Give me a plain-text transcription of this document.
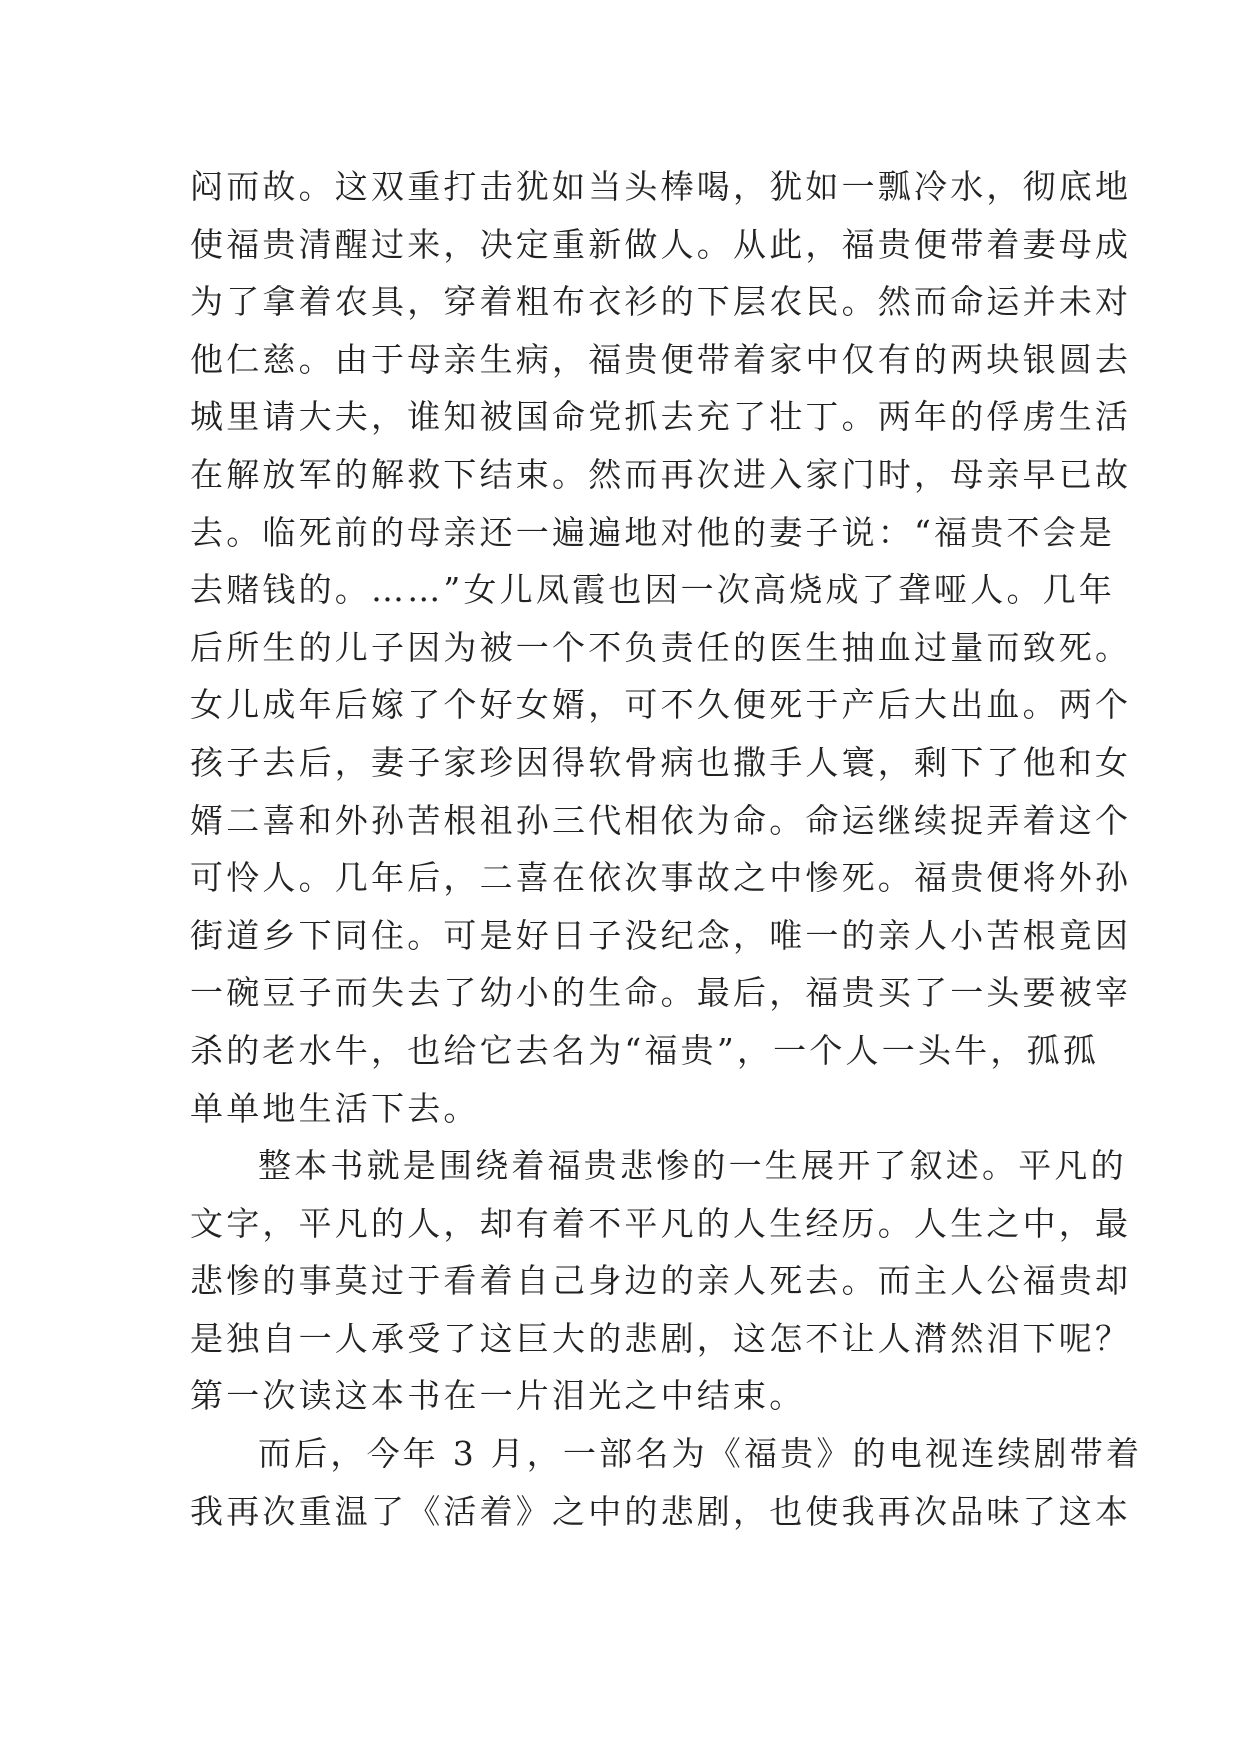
闷而故。这双重打击犹如当头棒喝，犹如一瓢冷水，彻底地
使福贵清醒过来，决定重新做人。从此，福贵便带着妻母成
为了拿着农具，穿着粗布衣衫的下层农民。然而命运并未对
他仁慈。由于母亲生病，福贵便带着家中仅有的两块银圆去
城里请大夫，谁知被国命党抓去充了壮丁。两年的俘虏生活
在解放军的解救下结束。然而再次进入家门时，母亲早已故
去。临死前的母亲还一遍遍地对他的妻子说：“福贵不会是
去赌钱的。……”女儿凤霞也因一次高烧成了聋哑人。几年
后所生的儿子因为被一个不负责任的医生抽血过量而致死。
女儿成年后嫁了个好女婿，可不久便死于产后大出血。两个
孩子去后，妻子家珍因得软骨病也撒手人寰，剩下了他和女
婿二喜和外孙苦根祖孙三代相依为命。命运继续捉弄着这个
可怜人。几年后，二喜在依次事故之中惨死。福贵便将外孙
街道乡下同住。可是好日子没纪念，唯一的亲人小苦根竟因
一碗豆子而失去了幼小的生命。最后，福贵买了一头要被宰
杀的老水牛，也给它去名为“福贵”，一个人一头牛，孤孤
单单地生活下去。
整本书就是围绕着福贵悲惨的一生展开了叙述。平凡的
文字，平凡的人，却有着不平凡的人生经历。人生之中，最
悲惨的事莫过于看着自己身边的亲人死去。而主人公福贵却
是独自一人承受了这巨大的悲剧，这怎不让人潸然泪下呢？
第一次读这本书在一片泪光之中结束。
而后，今年 3 月，一部名为《福贵》的电视连续剧带着
我再次重温了《活着》之中的悲剧，也使我再次品味了这本
